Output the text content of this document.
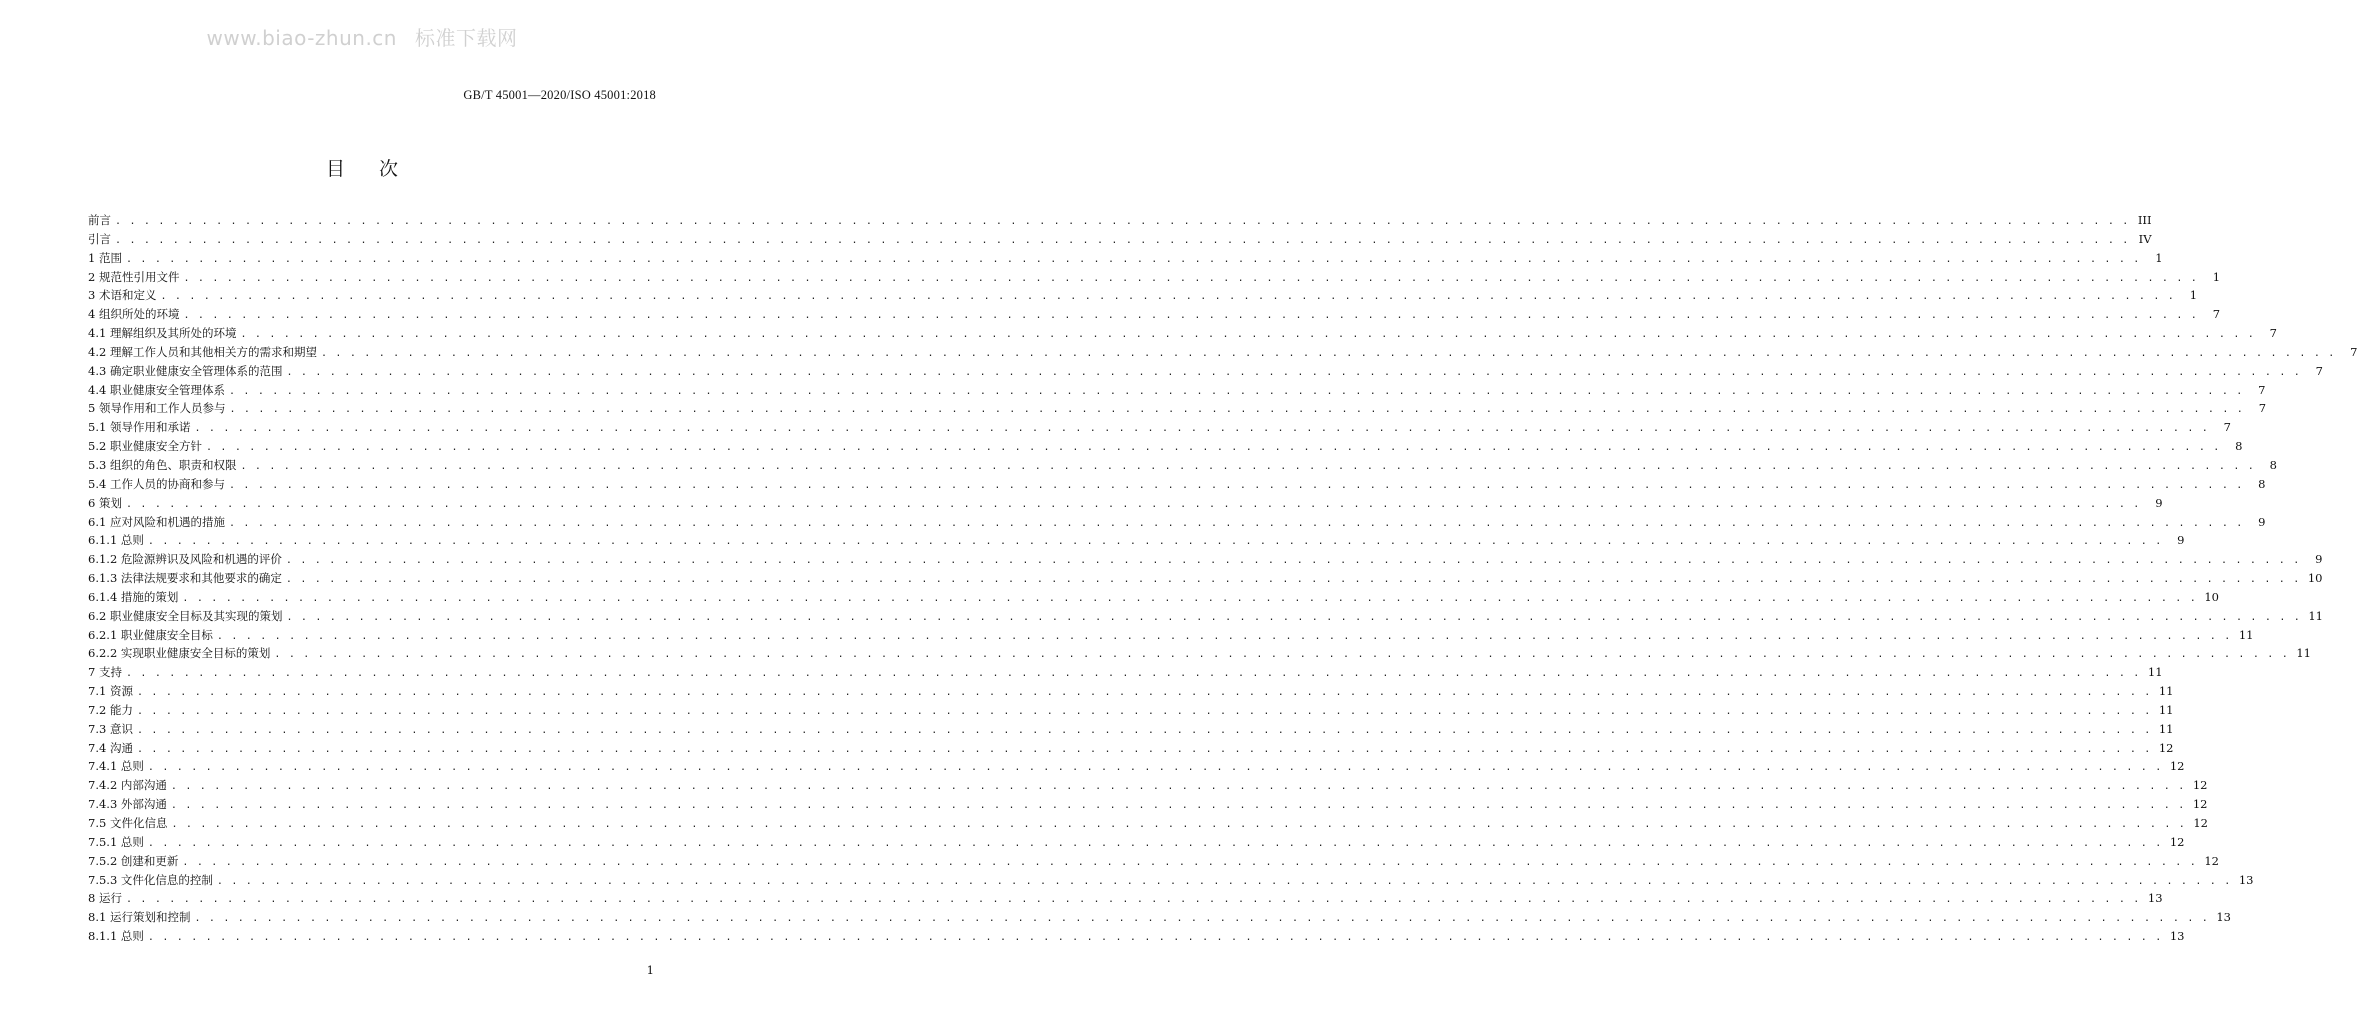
www.biao-zhun.cn 标准下载网
GB/T 45001—2020/ISO 45001:2018
目次
前言 . . . . . . . . . . . . . . . . . . . . . . . . . . . . . . . . . . . . . . . . . . . . . . . . . . . . . . . . . . . . . . . . . . . . . . . . . . . . . . . . . . . . . . . . . . . . . . . . . . . . . . . . . . . . . . . . . . . . . . . . . . . . . . . . . . . . . . . . . . . . III
引言 . . . . . . . . . . . . . . . . . . . . . . . . . . . . . . . . . . . . . . . . . . . . . . . . . . . . . . . . . . . . . . . . . . . . . . . . . . . . . . . . . . . . . . . . . . . . . . . . . . . . . . . . . . . . . . . . . . . . . . . . . . . . . . . . . . . . . . . . . . . . IV
1 范围 . . . . . . . . . . . . . . . . . . . . . . . . . . . . . . . . . . . . . . . . . . . . . . . . . . . . . . . . . . . . . . . . . . . . . . . . . . . . . . . . . . . . . . . . . . . . . . . . . . . . . . . . . . . . . . . . . . . . . . . . . . . . . . . . . . . . . . . . . . . .	1
2 规范性引用文件 . . . . . . . . . . . . . . . . . . . . . . . . . . . . . . . . . . . . . . . . . . . . . . . . . . . . . . . . . . . . . . . . . . . . . . . . . . . . . . . . . . . . . . . . . . . . . . . . . . . . . . . . . . . . . . . . . . . . . . . . . . . . . . . . . . . . . . . . . . . .	1
3 术语和定义 . . . . . . . . . . . . . . . . . . . . . . . . . . . . . . . . . . . . . . . . . . . . . . . . . . . . . . . . . . . . . . . . . . . . . . . . . . . . . . . . . . . . . . . . . . . . . . . . . . . . . . . . . . . . . . . . . . . . . . . . . . . . . . . . . . . . . . . . . . . .	1
4 组织所处的环境 . . . . . . . . . . . . . . . . . . . . . . . . . . . . . . . . . . . . . . . . . . . . . . . . . . . . . . . . . . . . . . . . . . . . . . . . . . . . . . . . . . . . . . . . . . . . . . . . . . . . . . . . . . . . . . . . . . . . . . . . . . . . . . . . . . . . . . . . . . . .	7
4.1 理解组织及其所处的环境 . . . . . . . . . . . . . . . . . . . . . . . . . . . . . . . . . . . . . . . . . . . . . . . . . . . . . . . . . . . . . . . . . . . . . . . . . . . . . . . . . . . . . . . . . . . . . . . . . . . . . . . . . . . . . . . . . . . . . . . . . . . . . . . . . . . . . . . . . . . .	7
4.2 理解工作人员和其他相关方的需求和期望 . . . . . . . . . . . . . . . . . . . . . . . . . . . . . . . . . . . . . . . . . . . . . . . . . . . . . . . . . . . . . . . . . . . . . . . . . . . . . . . . . . . . . . . . . . . . . . . . . . . . . . . . . . . . . . . . . . . . . . . . . . . . . . . . . . . . . . . . . . . .	7
4.3 确定职业健康安全管理体系的范围 . . . . . . . . . . . . . . . . . . . . . . . . . . . . . . . . . . . . . . . . . . . . . . . . . . . . . . . . . . . . . . . . . . . . . . . . . . . . . . . . . . . . . . . . . . . . . . . . . . . . . . . . . . . . . . . . . . . . . . . . . . . . . . . . . . . . . . . . . . . .	7
4.4 职业健康安全管理体系 . . . . . . . . . . . . . . . . . . . . . . . . . . . . . . . . . . . . . . . . . . . . . . . . . . . . . . . . . . . . . . . . . . . . . . . . . . . . . . . . . . . . . . . . . . . . . . . . . . . . . . . . . . . . . . . . . . . . . . . . . . . . . . . . . . . . . . . . . . . .	7
5 领导作用和工作人员参与 . . . . . . . . . . . . . . . . . . . . . . . . . . . . . . . . . . . . . . . . . . . . . . . . . . . . . . . . . . . . . . . . . . . . . . . . . . . . . . . . . . . . . . . . . . . . . . . . . . . . . . . . . . . . . . . . . . . . . . . . . . . . . . . . . . . . . . . . . . . .	7
5.1 领导作用和承诺 . . . . . . . . . . . . . . . . . . . . . . . . . . . . . . . . . . . . . . . . . . . . . . . . . . . . . . . . . . . . . . . . . . . . . . . . . . . . . . . . . . . . . . . . . . . . . . . . . . . . . . . . . . . . . . . . . . . . . . . . . . . . . . . . . . . . . . . . . . . .	7
5.2 职业健康安全方针 . . . . . . . . . . . . . . . . . . . . . . . . . . . . . . . . . . . . . . . . . . . . . . . . . . . . . . . . . . . . . . . . . . . . . . . . . . . . . . . . . . . . . . . . . . . . . . . . . . . . . . . . . . . . . . . . . . . . . . . . . . . . . . . . . . . . . . . . . . . .	8
5.3 组织的角色、职责和权限 . . . . . . . . . . . . . . . . . . . . . . . . . . . . . . . . . . . . . . . . . . . . . . . . . . . . . . . . . . . . . . . . . . . . . . . . . . . . . . . . . . . . . . . . . . . . . . . . . . . . . . . . . . . . . . . . . . . . . . . . . . . . . . . . . . . . . . . . . . . .	8
5.4 工作人员的协商和参与 . . . . . . . . . . . . . . . . . . . . . . . . . . . . . . . . . . . . . . . . . . . . . . . . . . . . . . . . . . . . . . . . . . . . . . . . . . . . . . . . . . . . . . . . . . . . . . . . . . . . . . . . . . . . . . . . . . . . . . . . . . . . . . . . . . . . . . . . . . . .	8
6 策划 . . . . . . . . . . . . . . . . . . . . . . . . . . . . . . . . . . . . . . . . . . . . . . . . . . . . . . . . . . . . . . . . . . . . . . . . . . . . . . . . . . . . . . . . . . . . . . . . . . . . . . . . . . . . . . . . . . . . . . . . . . . . . . . . . . . . . . . . . . . .	9
6.1 应对风险和机遇的措施 . . . . . . . . . . . . . . . . . . . . . . . . . . . . . . . . . . . . . . . . . . . . . . . . . . . . . . . . . . . . . . . . . . . . . . . . . . . . . . . . . . . . . . . . . . . . . . . . . . . . . . . . . . . . . . . . . . . . . . . . . . . . . . . . . . . . . . . . . . . .	9
6.1.1 总则 . . . . . . . . . . . . . . . . . . . . . . . . . . . . . . . . . . . . . . . . . . . . . . . . . . . . . . . . . . . . . . . . . . . . . . . . . . . . . . . . . . . . . . . . . . . . . . . . . . . . . . . . . . . . . . . . . . . . . . . . . . . . . . . . . . . . . . . . . . . .	9
6.1.2 危险源辨识及风险和机遇的评价 . . . . . . . . . . . . . . . . . . . . . . . . . . . . . . . . . . . . . . . . . . . . . . . . . . . . . . . . . . . . . . . . . . . . . . . . . . . . . . . . . . . . . . . . . . . . . . . . . . . . . . . . . . . . . . . . . . . . . . . . . . . . . . . . . . . . . . . . . . . .	9
6.1.3 法律法规要求和其他要求的确定 . . . . . . . . . . . . . . . . . . . . . . . . . . . . . . . . . . . . . . . . . . . . . . . . . . . . . . . . . . . . . . . . . . . . . . . . . . . . . . . . . . . . . . . . . . . . . . . . . . . . . . . . . . . . . . . . . . . . . . . . . . . . . . . . . . . . . . . . . . . . 10
6.1.4 措施的策划 . . . . . . . . . . . . . . . . . . . . . . . . . . . . . . . . . . . . . . . . . . . . . . . . . . . . . . . . . . . . . . . . . . . . . . . . . . . . . . . . . . . . . . . . . . . . . . . . . . . . . . . . . . . . . . . . . . . . . . . . . . . . . . . . . . . . . . . . . . . . 10
6.2 职业健康安全目标及其实现的策划 . . . . . . . . . . . . . . . . . . . . . . . . . . . . . . . . . . . . . . . . . . . . . . . . . . . . . . . . . . . . . . . . . . . . . . . . . . . . . . . . . . . . . . . . . . . . . . . . . . . . . . . . . . . . . . . . . . . . . . . . . . . . . . . . . . . . . . . . . . . . 11
6.2.1 职业健康安全目标 . . . . . . . . . . . . . . . . . . . . . . . . . . . . . . . . . . . . . . . . . . . . . . . . . . . . . . . . . . . . . . . . . . . . . . . . . . . . . . . . . . . . . . . . . . . . . . . . . . . . . . . . . . . . . . . . . . . . . . . . . . . . . . . . . . . . . . . . . . . . 11
6.2.2 实现职业健康安全目标的策划 . . . . . . . . . . . . . . . . . . . . . . . . . . . . . . . . . . . . . . . . . . . . . . . . . . . . . . . . . . . . . . . . . . . . . . . . . . . . . . . . . . . . . . . . . . . . . . . . . . . . . . . . . . . . . . . . . . . . . . . . . . . . . . . . . . . . . . . . . . . . 11
7 支持 . . . . . . . . . . . . . . . . . . . . . . . . . . . . . . . . . . . . . . . . . . . . . . . . . . . . . . . . . . . . . . . . . . . . . . . . . . . . . . . . . . . . . . . . . . . . . . . . . . . . . . . . . . . . . . . . . . . . . . . . . . . . . . . . . . . . . . . . . . . . 11
7.1 资源 . . . . . . . . . . . . . . . . . . . . . . . . . . . . . . . . . . . . . . . . . . . . . . . . . . . . . . . . . . . . . . . . . . . . . . . . . . . . . . . . . . . . . . . . . . . . . . . . . . . . . . . . . . . . . . . . . . . . . . . . . . . . . . . . . . . . . . . . . . . . 11
7.2 能力 . . . . . . . . . . . . . . . . . . . . . . . . . . . . . . . . . . . . . . . . . . . . . . . . . . . . . . . . . . . . . . . . . . . . . . . . . . . . . . . . . . . . . . . . . . . . . . . . . . . . . . . . . . . . . . . . . . . . . . . . . . . . . . . . . . . . . . . . . . . . 11
7.3 意识 . . . . . . . . . . . . . . . . . . . . . . . . . . . . . . . . . . . . . . . . . . . . . . . . . . . . . . . . . . . . . . . . . . . . . . . . . . . . . . . . . . . . . . . . . . . . . . . . . . . . . . . . . . . . . . . . . . . . . . . . . . . . . . . . . . . . . . . . . . . . 11
7.4 沟通 . . . . . . . . . . . . . . . . . . . . . . . . . . . . . . . . . . . . . . . . . . . . . . . . . . . . . . . . . . . . . . . . . . . . . . . . . . . . . . . . . . . . . . . . . . . . . . . . . . . . . . . . . . . . . . . . . . . . . . . . . . . . . . . . . . . . . . . . . . . . 12
7.4.1 总则 . . . . . . . . . . . . . . . . . . . . . . . . . . . . . . . . . . . . . . . . . . . . . . . . . . . . . . . . . . . . . . . . . . . . . . . . . . . . . . . . . . . . . . . . . . . . . . . . . . . . . . . . . . . . . . . . . . . . . . . . . . . . . . . . . . . . . . . . . . . . 12
7.4.2 内部沟通 . . . . . . . . . . . . . . . . . . . . . . . . . . . . . . . . . . . . . . . . . . . . . . . . . . . . . . . . . . . . . . . . . . . . . . . . . . . . . . . . . . . . . . . . . . . . . . . . . . . . . . . . . . . . . . . . . . . . . . . . . . . . . . . . . . . . . . . . . . . . 12
7.4.3 外部沟通 . . . . . . . . . . . . . . . . . . . . . . . . . . . . . . . . . . . . . . . . . . . . . . . . . . . . . . . . . . . . . . . . . . . . . . . . . . . . . . . . . . . . . . . . . . . . . . . . . . . . . . . . . . . . . . . . . . . . . . . . . . . . . . . . . . . . . . . . . . . . 12
7.5 文件化信息 . . . . . . . . . . . . . . . . . . . . . . . . . . . . . . . . . . . . . . . . . . . . . . . . . . . . . . . . . . . . . . . . . . . . . . . . . . . . . . . . . . . . . . . . . . . . . . . . . . . . . . . . . . . . . . . . . . . . . . . . . . . . . . . . . . . . . . . . . . . . 12
7.5.1 总则 . . . . . . . . . . . . . . . . . . . . . . . . . . . . . . . . . . . . . . . . . . . . . . . . . . . . . . . . . . . . . . . . . . . . . . . . . . . . . . . . . . . . . . . . . . . . . . . . . . . . . . . . . . . . . . . . . . . . . . . . . . . . . . . . . . . . . . . . . . . . 12
7.5.2 创建和更新 . . . . . . . . . . . . . . . . . . . . . . . . . . . . . . . . . . . . . . . . . . . . . . . . . . . . . . . . . . . . . . . . . . . . . . . . . . . . . . . . . . . . . . . . . . . . . . . . . . . . . . . . . . . . . . . . . . . . . . . . . . . . . . . . . . . . . . . . . . . . 12
7.5.3 文件化信息的控制 . . . . . . . . . . . . . . . . . . . . . . . . . . . . . . . . . . . . . . . . . . . . . . . . . . . . . . . . . . . . . . . . . . . . . . . . . . . . . . . . . . . . . . . . . . . . . . . . . . . . . . . . . . . . . . . . . . . . . . . . . . . . . . . . . . . . . . . . . . . . 13
8 运行 . . . . . . . . . . . . . . . . . . . . . . . . . . . . . . . . . . . . . . . . . . . . . . . . . . . . . . . . . . . . . . . . . . . . . . . . . . . . . . . . . . . . . . . . . . . . . . . . . . . . . . . . . . . . . . . . . . . . . . . . . . . . . . . . . . . . . . . . . . . . 13
8.1 运行策划和控制 . . . . . . . . . . . . . . . . . . . . . . . . . . . . . . . . . . . . . . . . . . . . . . . . . . . . . . . . . . . . . . . . . . . . . . . . . . . . . . . . . . . . . . . . . . . . . . . . . . . . . . . . . . . . . . . . . . . . . . . . . . . . . . . . . . . . . . . . . . . . 13
8.1.1 总则 . . . . . . . . . . . . . . . . . . . . . . . . . . . . . . . . . . . . . . . . . . . . . . . . . . . . . . . . . . . . . . . . . . . . . . . . . . . . . . . . . . . . . . . . . . . . . . . . . . . . . . . . . . . . . . . . . . . . . . . . . . . . . . . . . . . . . . . . . . . . 13
1
